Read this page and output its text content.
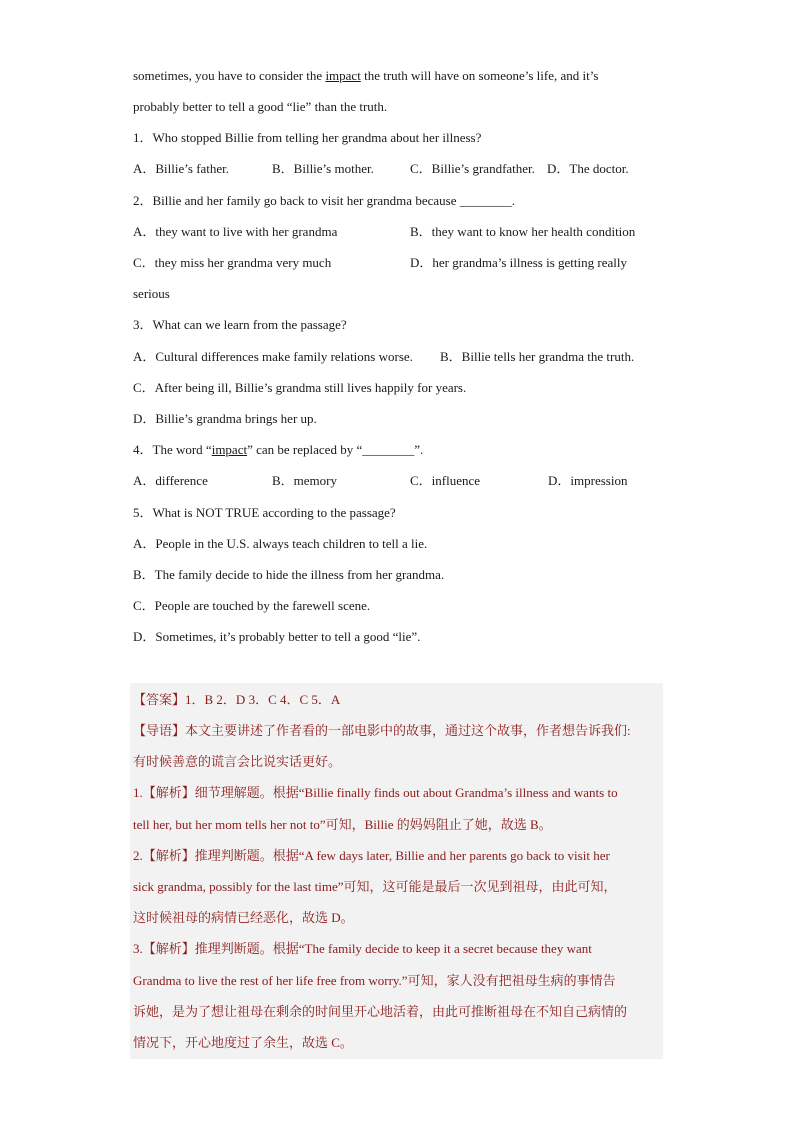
sometimes, you have to consider the impact the truth will have on someone’s life, and it’s
probably better to tell a good “lie” than the truth.
1．Who stopped Billie from telling her grandma about her illness?
A．Billie’s father.	B．Billie’s mother.	C．Billie’s grandfather. D．The doctor.
2．Billie and her family go back to visit her grandma because ________.
A．they want to live with her grandma	B．they want to know her health condition
C．they miss her grandma very much	D．her grandma’s illness is getting really
serious
3．What can we learn from the passage?
A．Cultural differences make family relations worse. B．Billie tells her grandma the truth.
C．After being ill, Billie’s grandma still lives happily for years.
D．Billie’s grandma brings her up.
4．The word “impact” can be replaced by “________”.
A．difference	B．memory	C．influence	D．impression
5．What is NOT TRUE according to the passage?
A．People in the U.S. always teach children to tell a lie.
B．The family decide to hide the illness from her grandma.
C．People are touched by the farewell scene.
D．Sometimes, it’s probably better to tell a good “lie”.
【答案】1．B 2．D 3．C 4．C 5．A
【导语】本文主要讲述了作者看的一部电影中的故事，通过这个故事，作者想告诉我们:
有时候善意的谎言会比说实话更好。
1.【解析】细节理解题。根据“Billie finally finds out about Grandma’s illness and wants to
tell her, but her mom tells her not to”可知，Billie 的妈妈阻止了她，故选 B。
2.【解析】推理判断题。根据“A few days later, Billie and her parents go back to visit her
sick grandma, possibly for the last time”可知，这可能是最后一次见到祖母，由此可知，
这时候祖母的病情已经恶化，故选 D。
3.【解析】推理判断题。根据“The family decide to keep it a secret because they want
Grandma to live the rest of her life free from worry.”可知，家人没有把祖母生病的事情告
诉她，是为了想让祖母在剩余的时间里开心地活着，由此可推断祖母在不知自己病情的
情况下，开心地度过了余生，故选 C。
